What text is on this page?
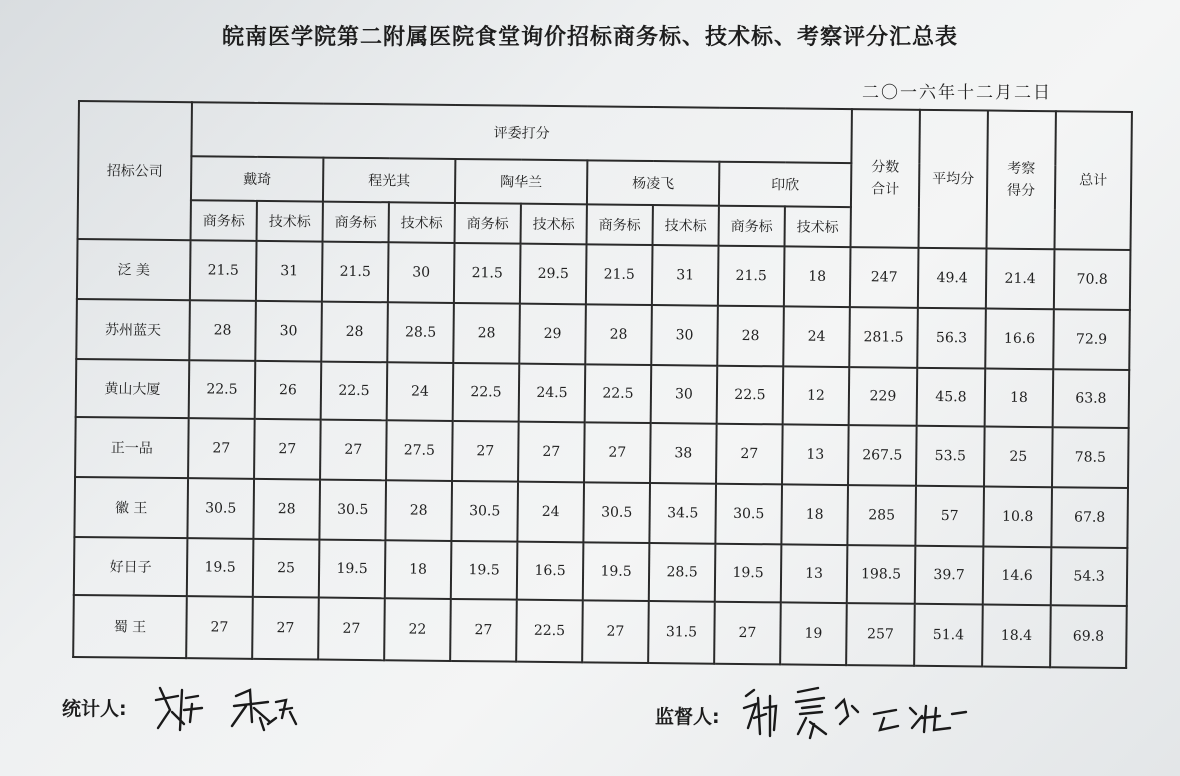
皖南医学院第二附属医院食堂询价招标商务标、技术标、考察评分汇总表
二〇一六年十二月二日
招标公司	评委打分										分数合计	平均分	考察得分	总计
	戴琦		程光其		陶华兰		杨凌飞		印欣					
	商务标	技术标	商务标	技术标	商务标	技术标	商务标	技术标	商务标	技术标				
泛 美	21.5	31	21.5	30	21.5	29.5	21.5	31	21.5	18	247	49.4	21.4	70.8
苏州蓝天	28	30	28	28.5	28	29	28	30	28	24	281.5	56.3	16.6	72.9
黄山大厦	22.5	26	22.5	24	22.5	24.5	22.5	30	22.5	12	229	45.8	18	63.8
正一品	27	27	27	27.5	27	27	27	38	27	13	267.5	53.5	25	78.5
徽 王	30.5	28	30.5	28	30.5	24	30.5	34.5	30.5	18	285	57	10.8	67.8
好日子	19.5	25	19.5	18	19.5	16.5	19.5	28.5	19.5	13	198.5	39.7	14.6	54.3
蜀 王	27	27	27	22	27	22.5	27	31.5	27	19	257	51.4	18.4	69.8
统计人:	监督人:
